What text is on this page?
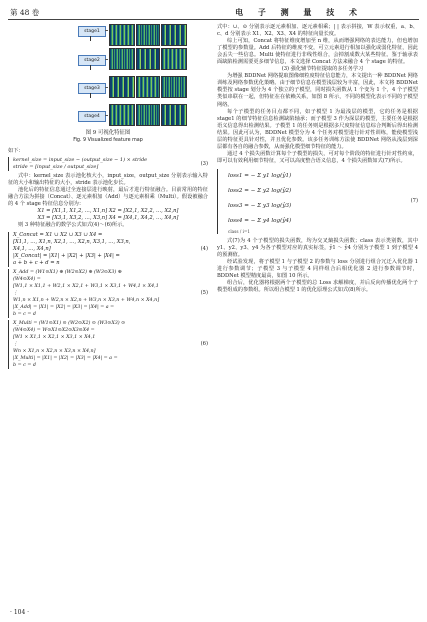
第 48 卷	电 子 测 量 技 术
stage1
stage2
stage3
stage4
图 9 可视化特征图
Fig. 9 Visualized feature map

如下：

kernel_size = input_size − (output_size − 1) × stride
stride = ⌊input_size / output_size⌋
(3)

式中：kernel_size 表示池化核大小，input_size，output_size 分别表示输入特征的大小和输出特征的大小，stride 表示池化步长。

池化后的特征信息通过全连接层进行映射，最后才进行特征融合。目前常用的特征融合方法为拼接（Concat）、逐元素相加（Add）与逐元素相乘（Multi）。假设被融合的 4 个 stage 特征信息分别为：

X1 = [X1,1, X1,2, …, X1,n] X2 = [X2,1, X2,2, …, X2,n]

X3 = [X3,1, X3,2, …, X3,n] X4 = [X4,1, X4,2, …, X4,n]

则 3 种特征融合的数学公式如式(4)～(6)所示。

X_Concat = X1 ∪ X2 ∪ X3 ∪ X4 =
[X1,1, …, X1,n, X2,1, …, X2,n, X3,1, …, X3,n,
X4,1, …, X4,n]
|X_Concat| = |X1| + |X2| + |X3| + |X4| =
a + b + c + d = n
(4)
X_Add = (W1⊙X1) ⊕ (W2⊙X2) ⊕ (W3⊙X3) ⊕
(W4⊙X4) =
[W1,1 × X1,1 + W2,1 × X2,1 + W3,1 × X3,1 + W4,1 × X4,1
⋮
W1,n × X1,n + W2,n × X2,n + W3,n × X3,n + W4,n × X4,n]
|X_Add| = |X1| = |X2| = |X3| = |X4| = a =
b = c = d
(5)
X_Multi = (W1⊙X1) ⊙ (W2⊙X2) ⊙ (W3⊙X3) ⊙
(W4⊙X4) = W⊙X1⊙X2⊙X3⊙X4 =
[W1 × X1,1 × X2,1 × X3,1 × X4,1
⋮
Wn × X1,n × X2,n × X3,n × X4,n]
|X_Multi| = |X1| = |X2| = |X3| = |X4| = a =
b = c = d
(6)

式中：∪、⊙ 分别表示逐元素相加、逐元素相乘；| | 表示拼接，W 表示权重，a、b、c、d 分别表示 X1、X2、X3、X4 的特征向量长度。

综上可知，Concat 将特征维度增加至 n 维，从而增强网络的表达能力，但也增加了模型的参数量。Add 后特征的维度不变，可立元素进行相加以强化或弱化特征，因此会丢失一些信息。Multi 使特征进行非线性组合，会掉割成数大某些特征。鉴于轴承表面缺陷检测需要更多细节信息，本文选择 Concat 方法来融合 4 个 stage 的特征。

(3) 强化辅节特征提取的多任务学习

为增强 BDDNet 网络提取图像细粒度特征信息能力，本文提出一种 BDDNet 网络训练及网络参数优化策略。由于细节信息在模型浅层较为丰富，因此，本文将 BDDNet 模型按 stage 划分为 4 个独立的子模型，同时损失函数从 1 个变为 1 个，4 个子模型类似串联在一起，但特征在在依赖关系，如图 8 所示，不同的模型化表示不同的子模型网络。

每个子模型的任务目点都不同，如子模型 1 为最浅层的模型，它的任务是根据 stage1 的细节特征信息检测缺陷轴承；而子模型 3 作为深层的模型，主要任务是根据语义信息得出检测结果。子模型 1 的任务则是根据多尺度特征信息综合判断后得出检测结果。因此可认为，BDDNet 模型分为 4 个任务对模型进行针对性训练，能使模型浅层的特征更具针对性，并且优化参数。该多任务训练方法使 BDDNet 网络从浅层到深层都有各自的融合参数，从而强化模型细节特征的能力。

通过 4 个损失函数计算每个子模型的损失，可对每个阶段的特征进行针对性约束，即可以有效利用细节特征，又可以高度整合语义信息，4 个损失函数如式(7)所示。

loss1 = − Σ y1 log(ŷ1)
loss2 = − Σ y2 log(ŷ2)
loss3 = − Σ y3 log(ŷ3)
loss4 = − Σ y4 log(ŷ4)
class / i=1
(7)

式(7)为 4 个子模型的损失函数，均为交叉熵损失函数；class 表示类别数，其中 y1、y2、y3、y4 为各子模型对应的真实标签，ŷ1 ～ ŷ4 分别为子模型 1 到子模型 4 的预测值。

经试验发现，将子模型 1 与子模型 2 的参数与 loss 分别进行组合冗迁入优化器 1 进行参数调节；子模型 3 与子模型 4 同样组合后相优化器 2 进行参数调节时，BDDNet 模型精度最高，如图 10 所示。

组合后，优化器将根据两个子模型的总 Loss 求解梯度，并后反向传播优化两个子模型组成的参数组。所以组合模型 1 的优化原理公式如式(8)所示。

· 104 ·
